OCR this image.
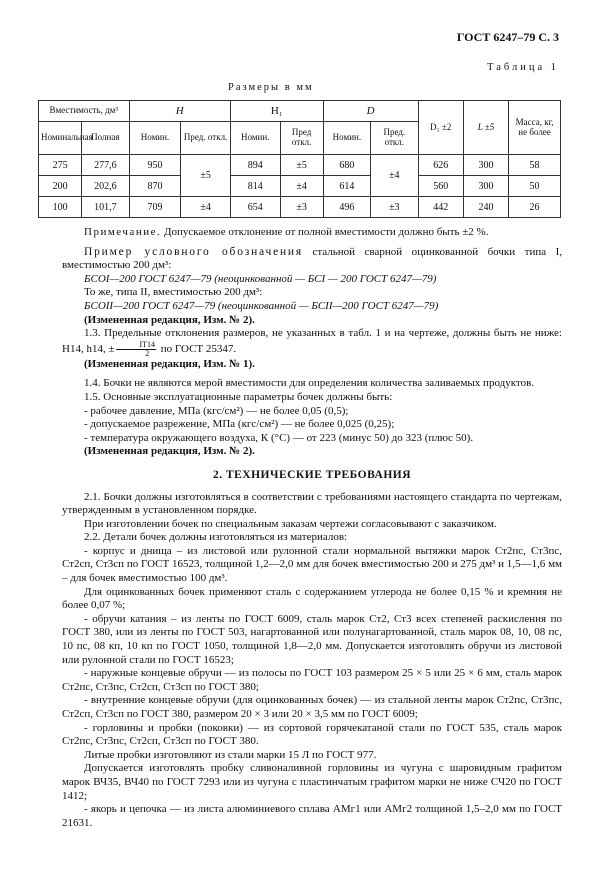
ГОСТ 6247–79 С. 3
Таблица 1
Размеры в мм
Вместимость, дм³		H		H₁		D		D₁ ±2	L ±5	Масса, кг, не более
Номинальная	Полная	Номин.	Пред. откл.	Номин.	Пред откл.	Номин.	Пред. откл.			
275	277,6	950	±5	894	±5	680	±4	626	300	58
200	202,6	870		814	±4	614		560	300	50
100	101,7	709	±4	654	±3	496	±3	442	240	26

Примечание. Допускаемое отклонение от полной вместимости должно быть ±2 %.

Пример условного обозначения стальной сварной оцинкованной бочки типа I, вместимостью 200 дм³:

БСОI—200 ГОСТ 6247—79 (неоцинкованной — БСI — 200 ГОСТ 6247—79)

То же, типа II, вместимостью 200 дм³:

БСОII—200 ГОСТ 6247—79 (неоцинкованной — БСII—200 ГОСТ 6247—79)

(Измененная редакция, Изм. № 2).

1.3. Предельные отклонения размеров, не указанных в табл. 1 и на чертеже, должны быть не ниже: H14, h14, ± $\frac{IT14}{2}$ по ГОСТ 25347.

(Измененная редакция, Изм. № 1).

1.4. Бочки не являются мерой вместимости для определения количества заливаемых продуктов.

1.5. Основные эксплуатационные параметры бочек должны быть:

- рабочее давление, МПа (кгс/см²) — не более 0,05 (0,5);

- допускаемое разрежение, МПа (кгс/см²) — не более 0,025 (0,25);

- температура окружающего воздуха, К (°С) — от 223 (минус 50) до 323 (плюс 50).

(Измененная редакция, Изм. № 2).

2. ТЕХНИЧЕСКИЕ ТРЕБОВАНИЯ

2.1. Бочки должны изготовляться в соответствии с требованиями настоящего стандарта по чертежам, утвержденным в установленном порядке.

При изготовлении бочек по специальным заказам чертежи согласовывают с заказчиком.

2.2. Детали бочек должны изготовляться из материалов:

- корпус и днища – из листовой или рулонной стали нормальной вытяжки марок Ст2пс, Ст3пс, Ст2сп, Ст3сп по ГОСТ 16523, толщиной 1,2—2,0 мм для бочек вместимостью 200 и 275 дм³ и 1,5—1,6 мм – для бочек вместимостью 100 дм³.

Для оцинкованных бочек применяют сталь с содержанием углерода не более 0,15 % и кремния не более 0,07 %;

- обручи катания – из ленты по ГОСТ 6009, сталь марок Ст2, Ст3 всех степеней раскисления по ГОСТ 380, или из ленты по ГОСТ 503, нагартованной или полунагартованной, сталь марок 08, 10, 08 пс, 10 пс, 08 кп, 10 кп по ГОСТ 1050, толщиной 1,8—2,0 мм. Допускается изготовлять обручи из листовой или рулонной стали по ГОСТ 16523;

- наружные концевые обручи — из полосы по ГОСТ 103 размером 25 × 5 или 25 × 6 мм, сталь марок Ст2пс, Ст3пс, Ст2сп, Ст3сп по ГОСТ 380;

- внутренние концевые обручи (для оцинкованных бочек) — из стальной ленты марок Ст2пс, Ст3пс, Ст2сп, Ст3сп по ГОСТ 380, размером 20 × 3 или 20 × 3,5 мм по ГОСТ 6009;

- горловины и пробки (поковки) — из сортовой горячекатаной стали по ГОСТ 535, сталь марок Ст2пс, Ст3пс, Ст2сп, Ст3сп по ГОСТ 380.

Литые пробки изготовляют из стали марки 15 Л по ГОСТ 977.

Допускается изготовлять пробку сливоналивной горловины из чугуна с шаровидным графитом марок ВЧ35, ВЧ40 по ГОСТ 7293 или из чугуна с пластинчатым графитом марки не ниже СЧ20 по ГОСТ 1412;

- якорь и цепочка — из листа алюминиевого сплава АМг1 или АМг2 толщиной 1,5–2,0 мм по ГОСТ 21631.
